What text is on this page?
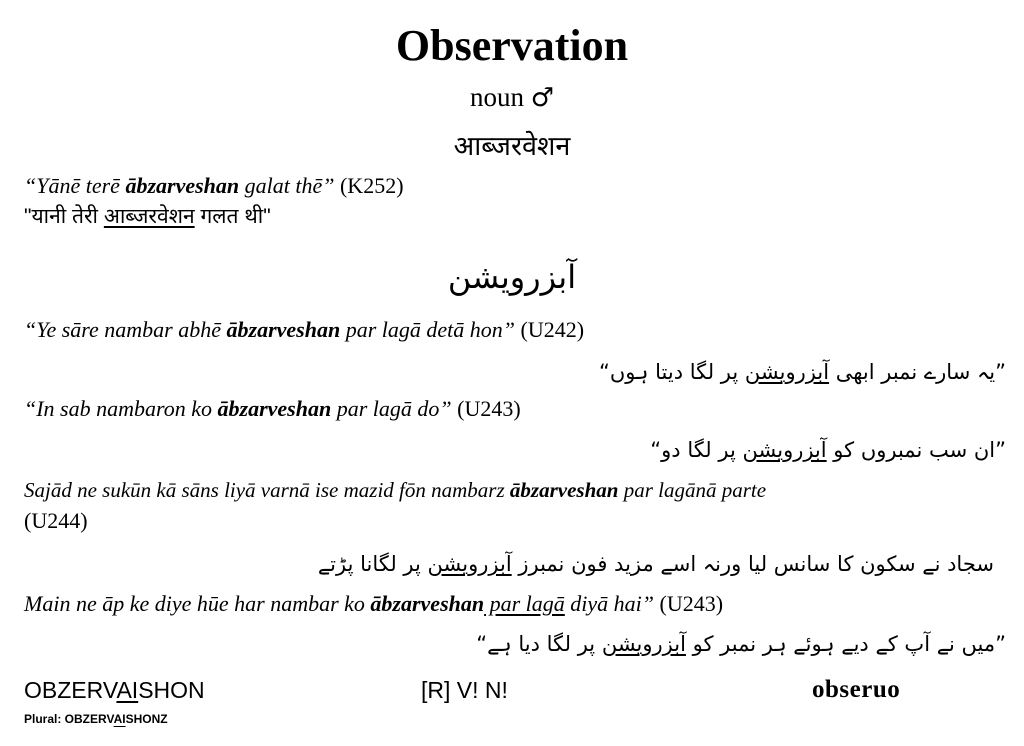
Observation
noun ♂
आब्जरवेशन
“Yānē terē ābzarveshan galat thē” (K252)
"यानी तेरी आब्जरवेशन गलत थी"
آبزرویشن
“Ye sāre nambar abhē ābzarveshan par lagā detā hon” (U242)
”یہ سارے نمبر ابھی آبزرویشن پر لگا دیتا ہوں“
“In sab nambaron ko ābzarveshan par lagā do” (U243)
”ان سب نمبروں کو آبزرویشن پر لگا دو“
Sajād ne sukūn kā sāns liyā varnā ise mazid fōn nambarz ābzarveshan par lagānā parte
(U244)
سجاد نے سکون کا سانس لیا ورنہ اسے مزید فون نمبرز آبزرویشن پر لگانا پڑتے
Main ne āp ke diye hūe har nambar ko ābzarveshan par lagā diyā hai” (U243)
”میں نے آپ کے دیے ہوئے ہر نمبر کو آبزرویشن پر لگا دیا ہے“
OBZERVAISHON
Plural: OBZERVAISHONZ
[R] V! N!	obseruo
